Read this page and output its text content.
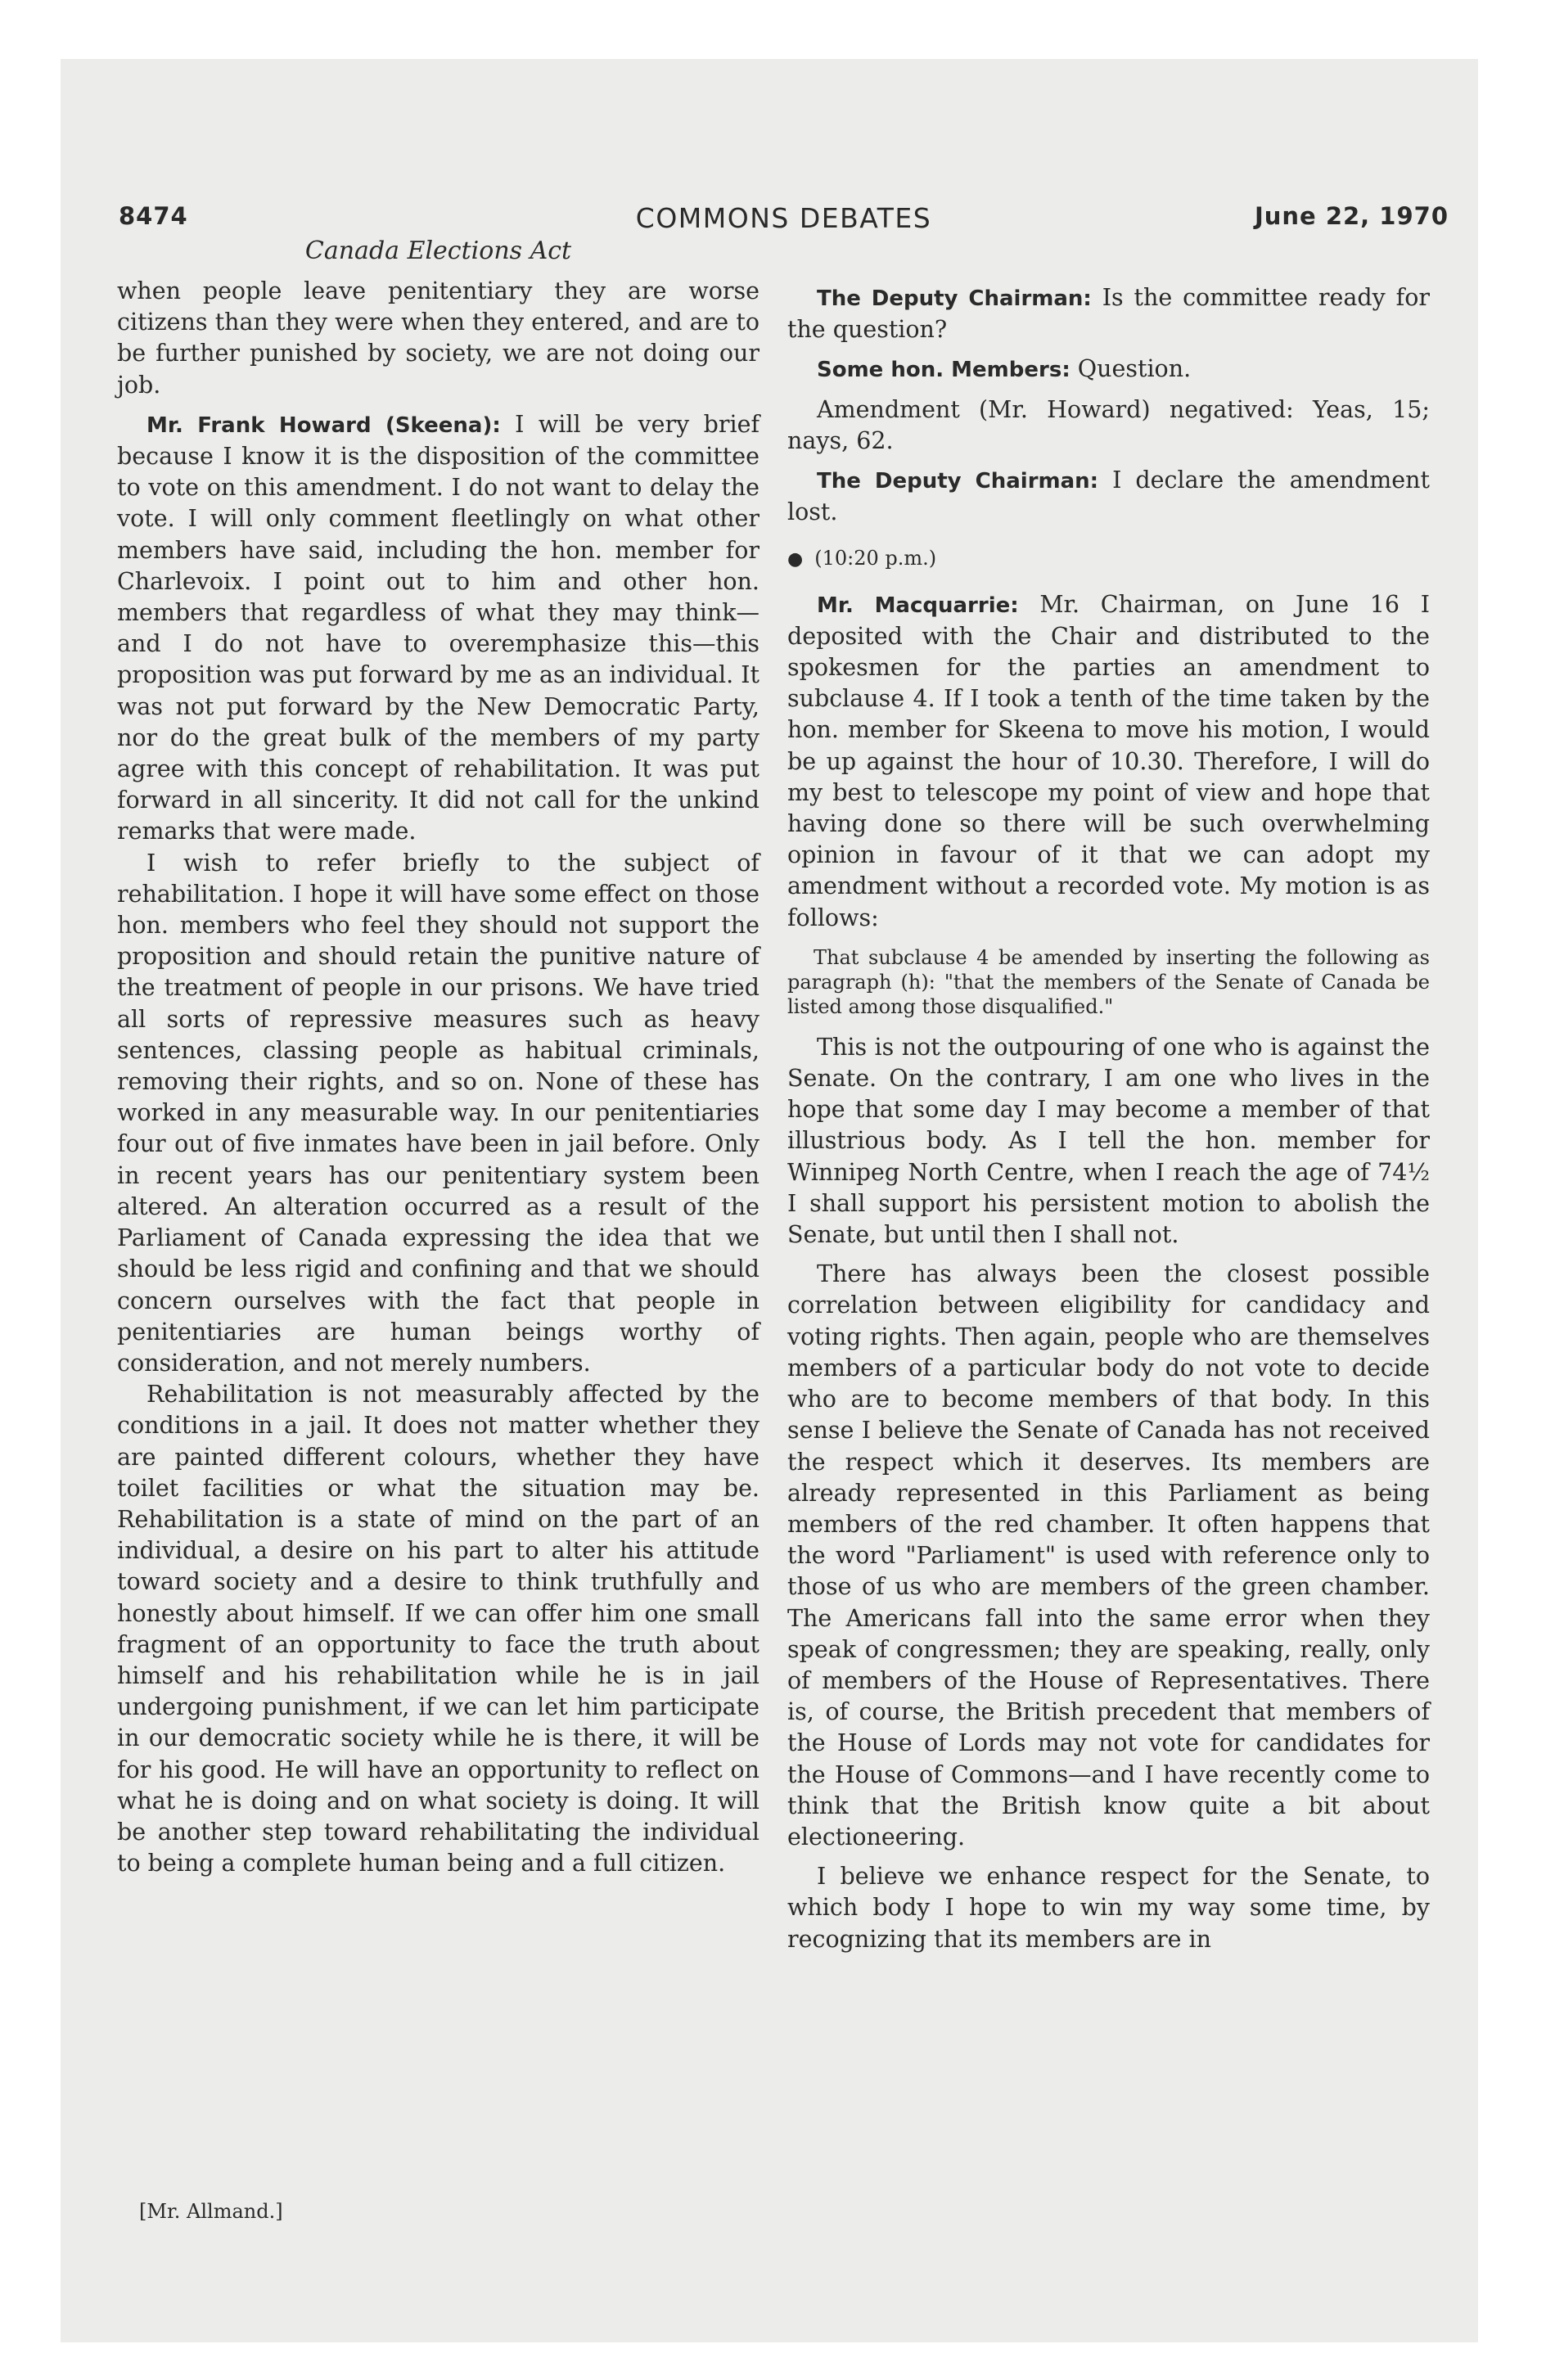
8474	COMMONS DEBATES	June 22, 1970
Canada Elections Act

when people leave penitentiary they are worse citizens than they were when they entered, and are to be further punished by society, we are not doing our job.

Mr. Frank Howard (Skeena): I will be very brief because I know it is the disposition of the committee to vote on this amendment. I do not want to delay the vote. I will only comment fleetlingly on what other members have said, including the hon. member for Charlevoix. I point out to him and other hon. members that regardless of what they may think—and I do not have to overemphasize this—this proposition was put forward by me as an individual. It was not put forward by the New Democratic Party, nor do the great bulk of the members of my party agree with this concept of rehabilitation. It was put forward in all sincerity. It did not call for the unkind remarks that were made.

I wish to refer briefly to the subject of rehabilitation. I hope it will have some effect on those hon. members who feel they should not support the proposition and should retain the punitive nature of the treatment of people in our prisons. We have tried all sorts of repressive measures such as heavy sentences, classing people as habitual criminals, removing their rights, and so on. None of these has worked in any measurable way. In our penitentiaries four out of five inmates have been in jail before. Only in recent years has our penitentiary system been altered. An alteration occurred as a result of the Parliament of Canada expressing the idea that we should be less rigid and confining and that we should concern ourselves with the fact that people in penitentiaries are human beings worthy of consideration, and not merely numbers.

Rehabilitation is not measurably affected by the conditions in a jail. It does not matter whether they are painted different colours, whether they have toilet facilities or what the situation may be. Rehabilitation is a state of mind on the part of an individual, a desire on his part to alter his attitude toward society and a desire to think truthfully and honestly about himself. If we can offer him one small fragment of an opportunity to face the truth about himself and his rehabilitation while he is in jail undergoing punishment, if we can let him participate in our democratic society while he is there, it will be for his good. He will have an opportunity to reflect on what he is doing and on what society is doing. It will be another step toward rehabilitating the individual to being a complete human being and a full citizen.

[Mr. Allmand.]

The Deputy Chairman: Is the committee ready for the question?

Some hon. Members: Question.

Amendment (Mr. Howard) negatived: Yeas, 15; nays, 62.

The Deputy Chairman: I declare the amendment lost.

● (10:20 p.m.)

Mr. Macquarrie: Mr. Chairman, on June 16 I deposited with the Chair and distributed to the spokesmen for the parties an amendment to subclause 4. If I took a tenth of the time taken by the hon. member for Skeena to move his motion, I would be up against the hour of 10.30. Therefore, I will do my best to telescope my point of view and hope that having done so there will be such overwhelming opinion in favour of it that we can adopt my amendment without a recorded vote. My motion is as follows:

That subclause 4 be amended by inserting the following as paragraph (h): "that the members of the Senate of Canada be listed among those disqualified."

This is not the outpouring of one who is against the Senate. On the contrary, I am one who lives in the hope that some day I may become a member of that illustrious body. As I tell the hon. member for Winnipeg North Centre, when I reach the age of 74½ I shall support his persistent motion to abolish the Senate, but until then I shall not.

There has always been the closest possible correlation between eligibility for candidacy and voting rights. Then again, people who are themselves members of a particular body do not vote to decide who are to become members of that body. In this sense I believe the Senate of Canada has not received the respect which it deserves. Its members are already represented in this Parliament as being members of the red chamber. It often happens that the word "Parliament" is used with reference only to those of us who are members of the green chamber. The Americans fall into the same error when they speak of congressmen; they are speaking, really, only of members of the House of Representatives. There is, of course, the British precedent that members of the House of Lords may not vote for candidates for the House of Commons—and I have recently come to think that the British know quite a bit about electioneering.

I believe we enhance respect for the Senate, to which body I hope to win my way some time, by recognizing that its members are in
